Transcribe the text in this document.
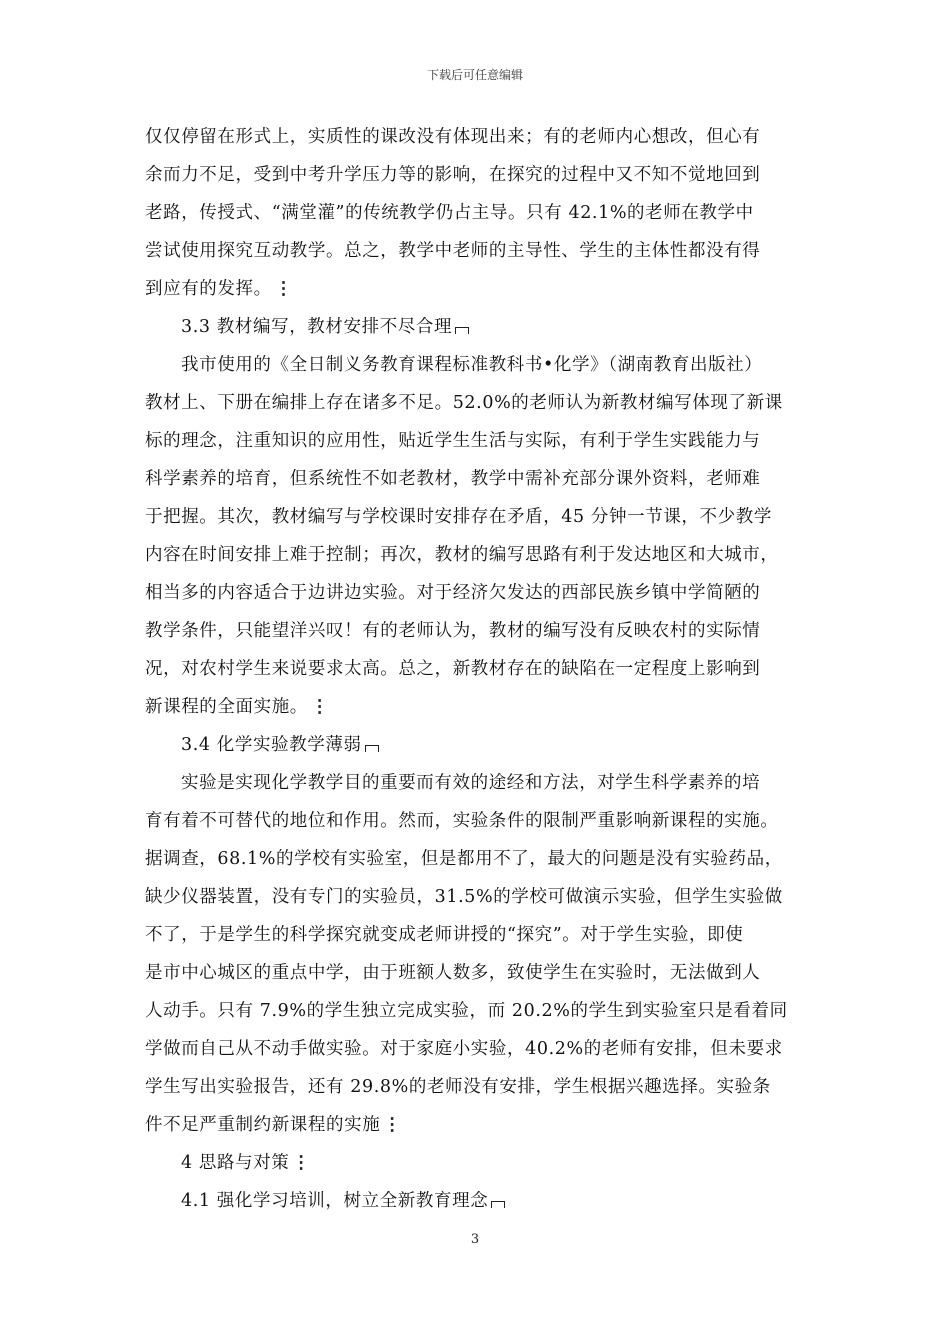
下载后可任意编辑
仅仅停留在形式上，实质性的课改没有体现出来；有的老师内心想改，但心有
余而力不足，受到中考升学压力等的影响，在探究的过程中又不知不觉地回到
老路，传授式、“满堂灌”的传统教学仍占主导。只有 42.1%的老师在教学中
尝试使用探究互动教学。总之，教学中老师的主导性、学生的主体性都没有得
到应有的发挥。 ⋮
3.3 教材编写，教材安排不尽合理
我市使用的《全日制义务教育课程标准教科书•化学》（湖南教育出版社）
教材上、下册在编排上存在诸多不足。52.0%的老师认为新教材编写体现了新课
标的理念，注重知识的应用性，贴近学生生活与实际，有利于学生实践能力与
科学素养的培育，但系统性不如老教材，教学中需补充部分课外资料，老师难
于把握。其次，教材编写与学校课时安排存在矛盾，45 分钟一节课，不少教学
内容在时间安排上难于控制；再次，教材的编写思路有利于发达地区和大城市，
相当多的内容适合于边讲边实验。对于经济欠发达的西部民族乡镇中学简陋的
教学条件，只能望洋兴叹！有的老师认为，教材的编写没有反映农村的实际情
况，对农村学生来说要求太高。总之，新教材存在的缺陷在一定程度上影响到
新课程的全面实施。 ⋮
3.4 化学实验教学薄弱
实验是实现化学教学目的重要而有效的途经和方法，对学生科学素养的培
育有着不可替代的地位和作用。然而，实验条件的限制严重影响新课程的实施。
据调查，68.1%的学校有实验室，但是都用不了，最大的问题是没有实验药品，
缺少仪器装置，没有专门的实验员，31.5%的学校可做演示实验，但学生实验做
不了，于是学生的科学探究就变成老师讲授的“探究”。对于学生实验，即使
是市中心城区的重点中学，由于班额人数多，致使学生在实验时，无法做到人
人动手。只有 7.9%的学生独立完成实验，而 20.2%的学生到实验室只是看着同
学做而自己从不动手做实验。对于家庭小实验，40.2%的老师有安排，但未要求
学生写出实验报告，还有 29.8%的老师没有安排，学生根据兴趣选择。实验条
件不足严重制约新课程的实施 ⋮
4 思路与对策 ⋮
4.1 强化学习培训，树立全新教育理念
3
